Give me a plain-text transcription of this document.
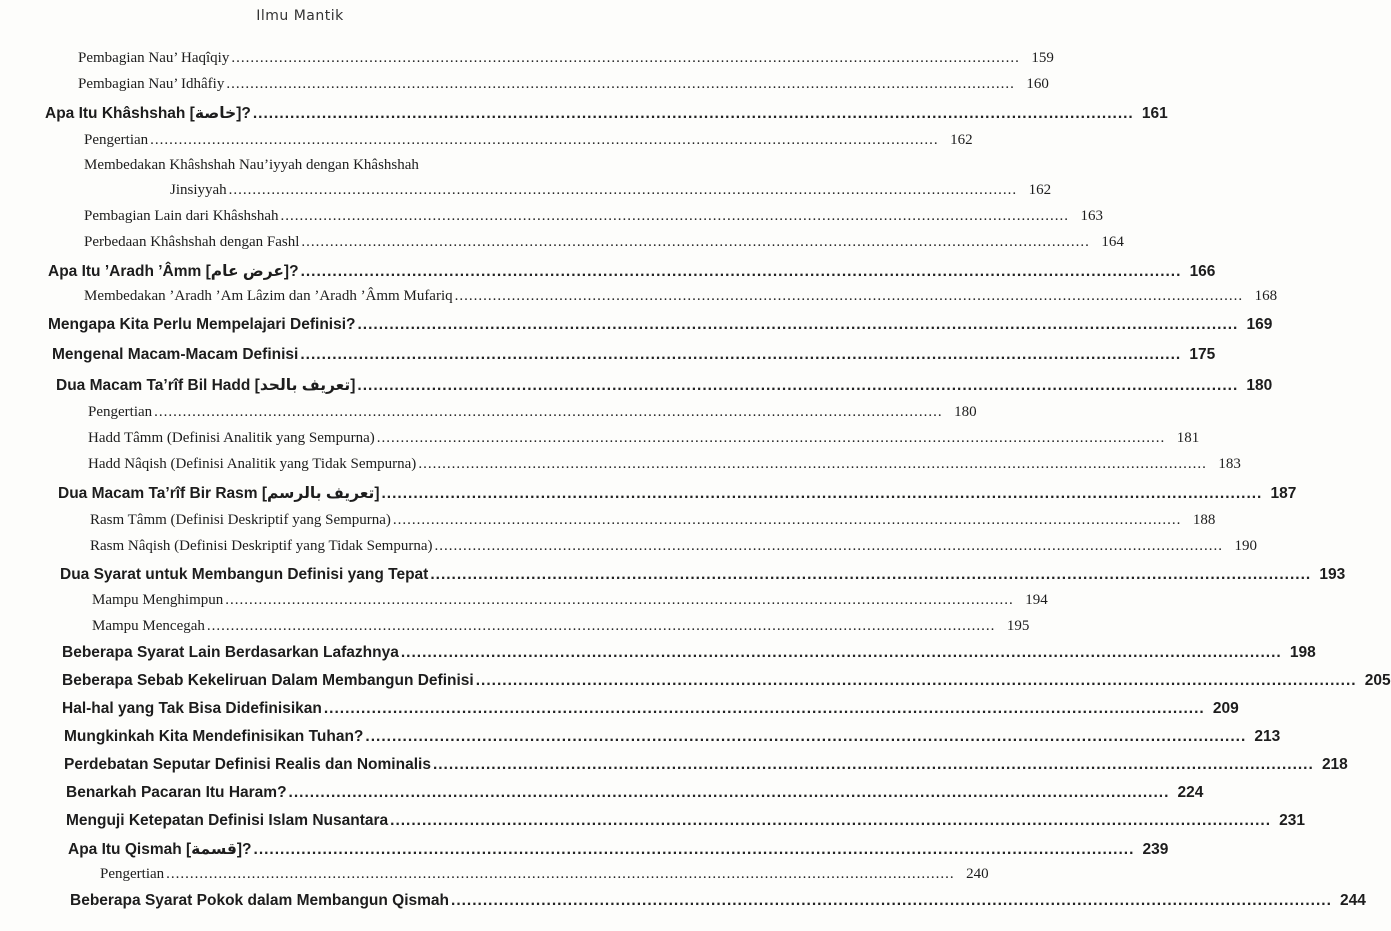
Ilmu Mantik
Pembagian Nau’ Haqîqiy .....	159
Pembagian Nau’ Idhâfiy .....	160
Apa Itu Khâshshah [خاصة]? .....	161
Pengertian .....	162
Membedakan Khâshshah Nau’iyyah dengan Khâshshah
Jinsiyyah .....	162
Pembagian Lain dari Khâshshah .....	163
Perbedaan Khâshshah dengan Fashl .....	164
Apa Itu ’Aradh ’Âmm [عرض عام]? .....	166
Membedakan ’Aradh ’Am Lâzim dan ’Aradh ’Âmm Mufariq .....	168
Mengapa Kita Perlu Mempelajari Definisi? .....	169
Mengenal Macam-Macam Definisi .....	175
Dua Macam Ta’rîf Bil Hadd [تعريف بالحد] .....	180
Pengertian .....	180
Hadd Tâmm (Definisi Analitik yang Sempurna) .....	181
Hadd Nâqish (Definisi Analitik yang Tidak Sempurna) .....	183
Dua Macam Ta’rîf Bir Rasm [تعريف بالرسم] .....	187
Rasm Tâmm (Definisi Deskriptif yang Sempurna) .....	188
Rasm Nâqish (Definisi Deskriptif yang Tidak Sempurna) .....	190
Dua Syarat untuk Membangun Definisi yang Tepat .....	193
Mampu Menghimpun .....	194
Mampu Mencegah .....	195
Beberapa Syarat Lain Berdasarkan Lafazhnya .....	198
Beberapa Sebab Kekeliruan Dalam Membangun Definisi .....	205
Hal-hal yang Tak Bisa Didefinisikan .....	209
Mungkinkah Kita Mendefinisikan Tuhan? .....	213
Perdebatan Seputar Definisi Realis dan Nominalis .....	218
Benarkah Pacaran Itu Haram? .....	224
Menguji Ketepatan Definisi Islam Nusantara .....	231
Apa Itu Qismah [قسمة]? .....	239
Pengertian .....	240
Beberapa Syarat Pokok dalam Membangun Qismah .....	244
